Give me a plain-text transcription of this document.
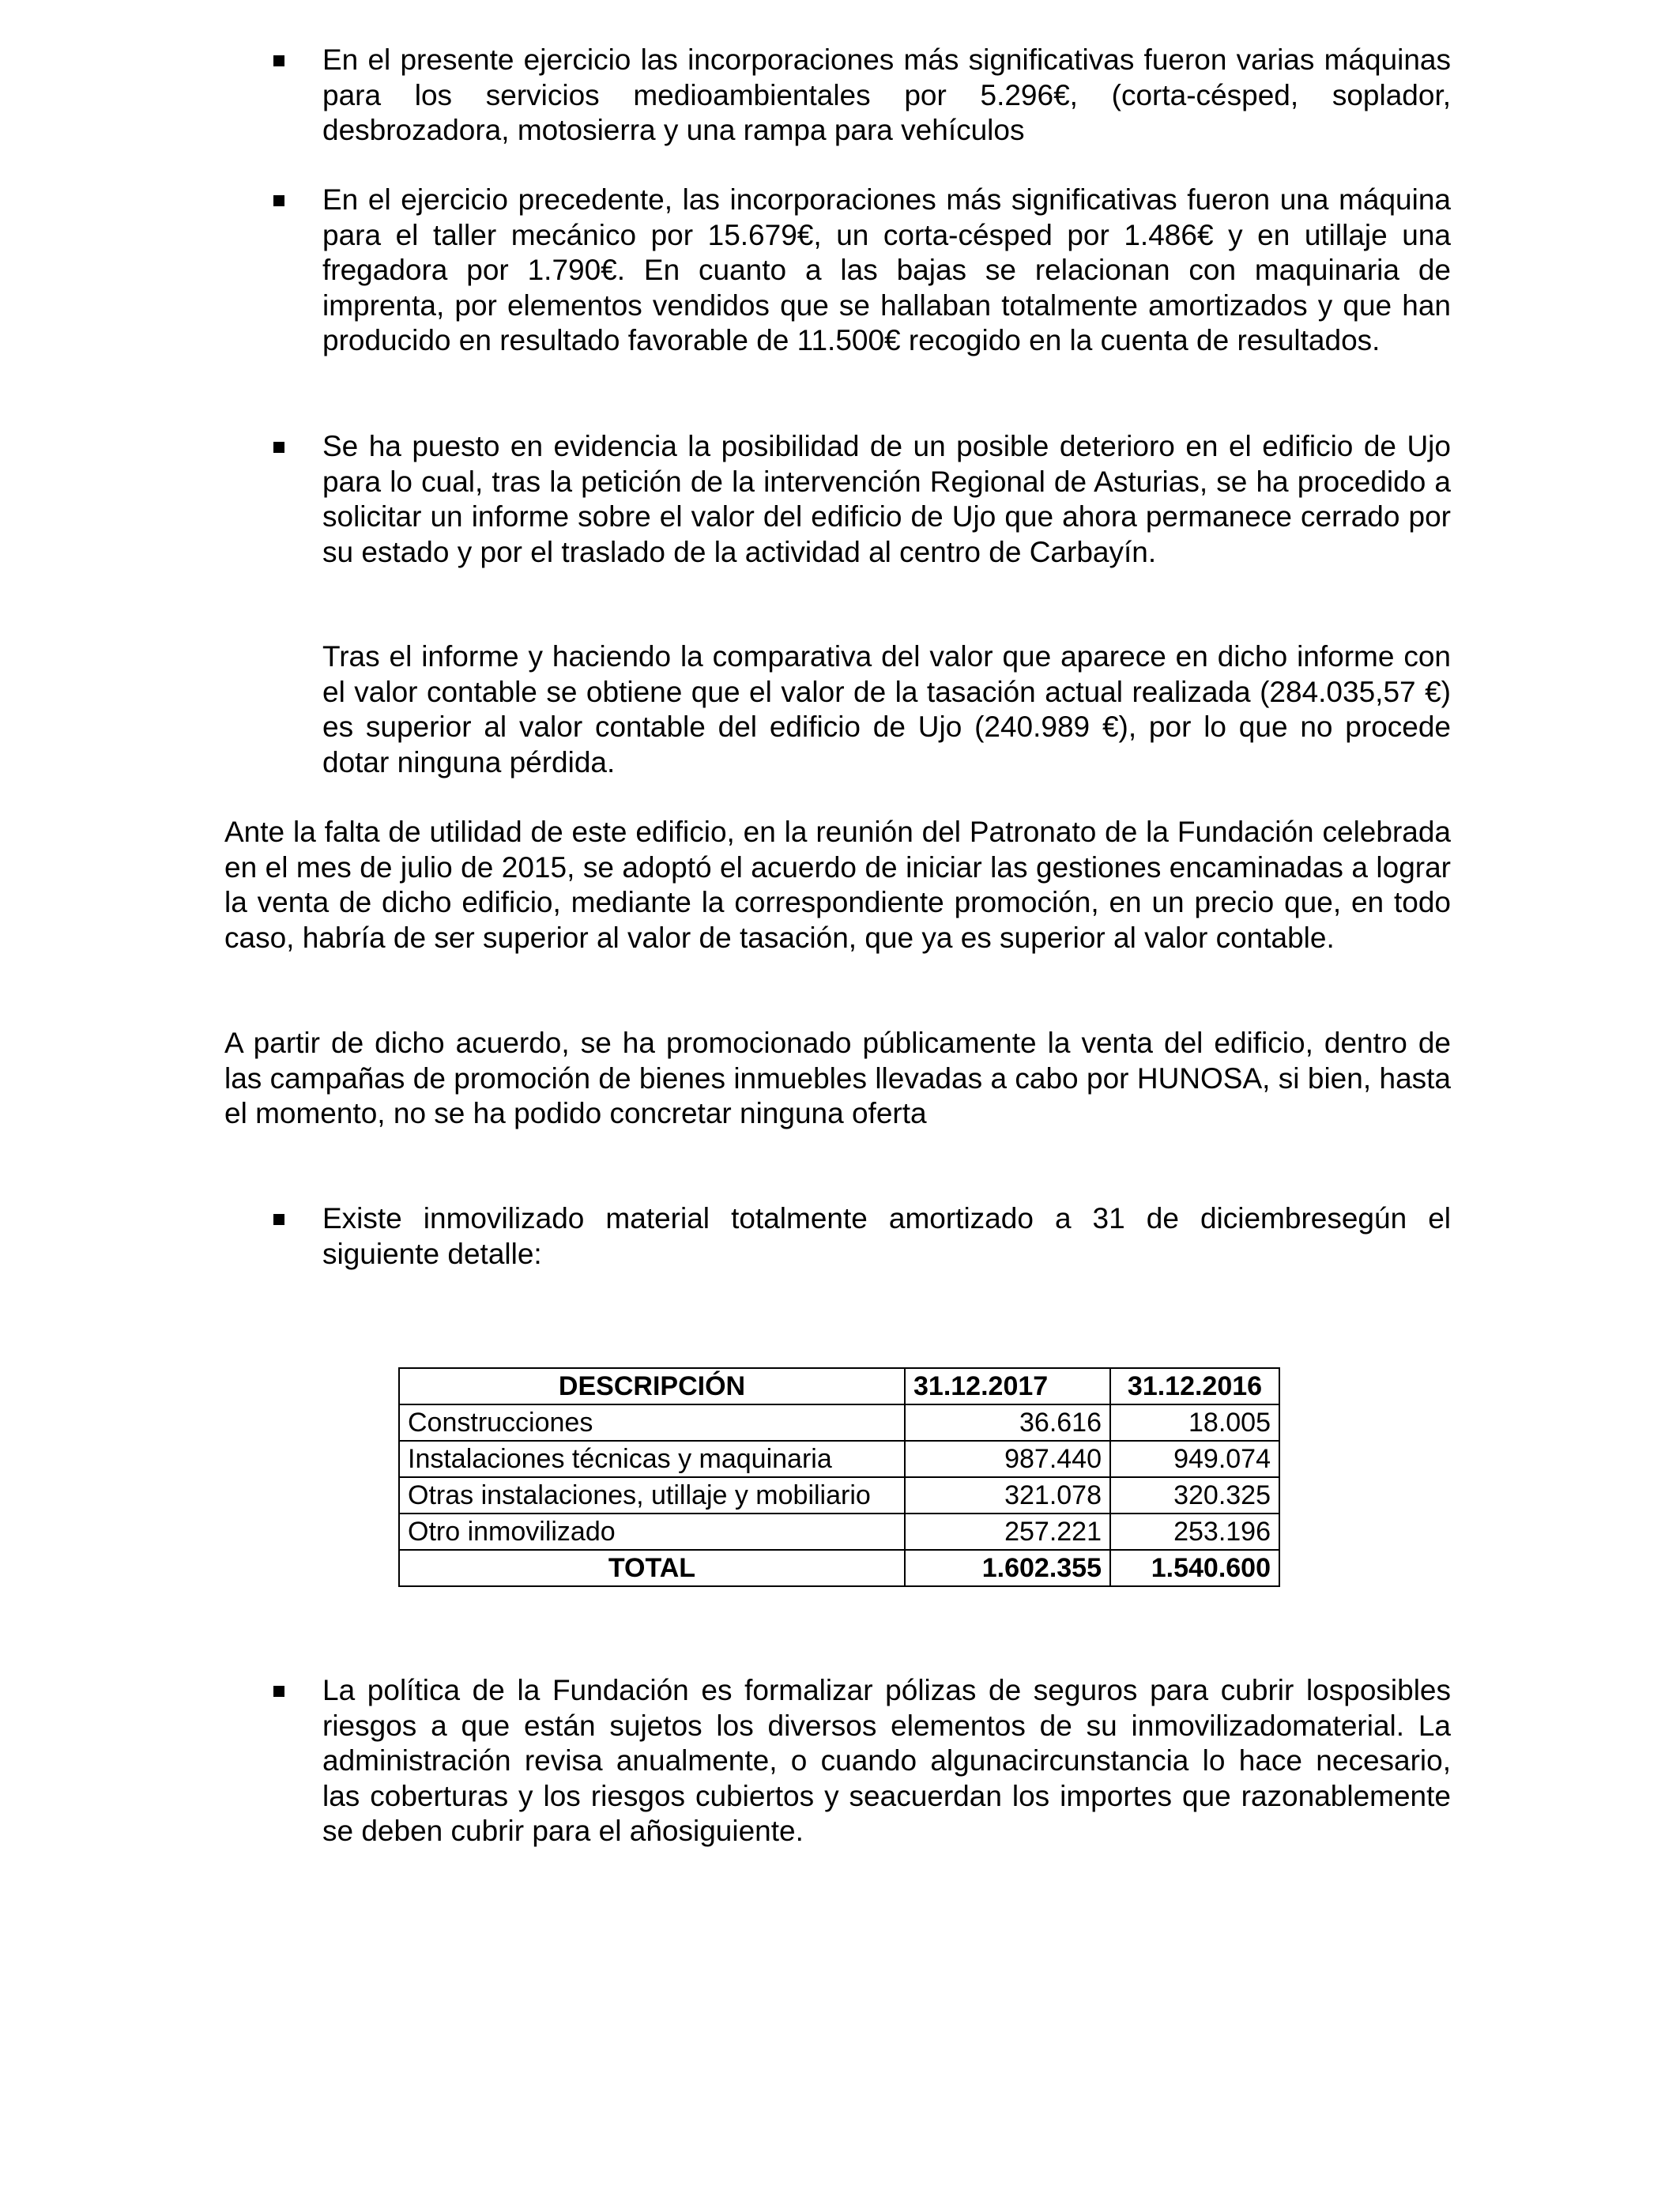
En el presente ejercicio las incorporaciones más significativas fueron varias máquinas para los servicios medioambientales por 5.296€, (corta-césped, soplador, desbrozadora, motosierra y una rampa para vehículos

En el ejercicio precedente, las incorporaciones más significativas fueron una máquina para el taller mecánico por 15.679€, un corta-césped por 1.486€ y en utillaje una fregadora por 1.790€. En cuanto a las bajas se relacionan con maquinaria de imprenta, por elementos vendidos que se hallaban totalmente amortizados y que han producido en resultado favorable de 11.500€ recogido en la cuenta de resultados.

Se ha puesto en evidencia la posibilidad de un posible deterioro en el edificio de Ujo para lo cual, tras la petición de la intervención Regional de Asturias, se ha procedido a solicitar un informe sobre el valor del edificio de Ujo que ahora permanece cerrado por su estado y por el traslado de la actividad al centro de Carbayín.

Tras el informe y haciendo la comparativa del valor que aparece en dicho informe con el valor contable se obtiene que el valor de la tasación actual realizada (284.035,57 €) es superior al valor contable del edificio de Ujo (240.989 €), por lo que no procede dotar ninguna pérdida.

Ante la falta de utilidad de este edificio, en la reunión del Patronato de la Fundación celebrada en el mes de julio de 2015, se adoptó el acuerdo de iniciar las gestiones encaminadas a lograr la venta de dicho edificio, mediante la correspondiente promoción, en un precio que, en todo caso, habría de ser superior al valor de tasación, que ya es superior al valor contable.

A partir de dicho acuerdo, se ha promocionado públicamente la venta del edificio, dentro de las campañas de promoción de bienes inmuebles llevadas a cabo por HUNOSA, si bien, hasta el momento, no se ha podido concretar ninguna oferta

Existe inmovilizado material totalmente amortizado a 31 de diciembresegún el siguiente detalle:

DESCRIPCIÓN	31.12.2017	31.12.2016
Construcciones	36.616	18.005
Instalaciones técnicas y maquinaria	987.440	949.074
Otras instalaciones, utillaje y mobiliario	321.078	320.325
Otro inmovilizado	257.221	253.196
TOTAL	1.602.355	1.540.600

La política de la Fundación es formalizar pólizas de seguros para cubrir losposibles riesgos a que están sujetos los diversos elementos de su inmovilizadomaterial. La administración revisa anualmente, o cuando algunacircunstancia lo hace necesario, las coberturas y los riesgos cubiertos y seacuerdan los importes que razonablemente se deben cubrir para el añosiguiente.
